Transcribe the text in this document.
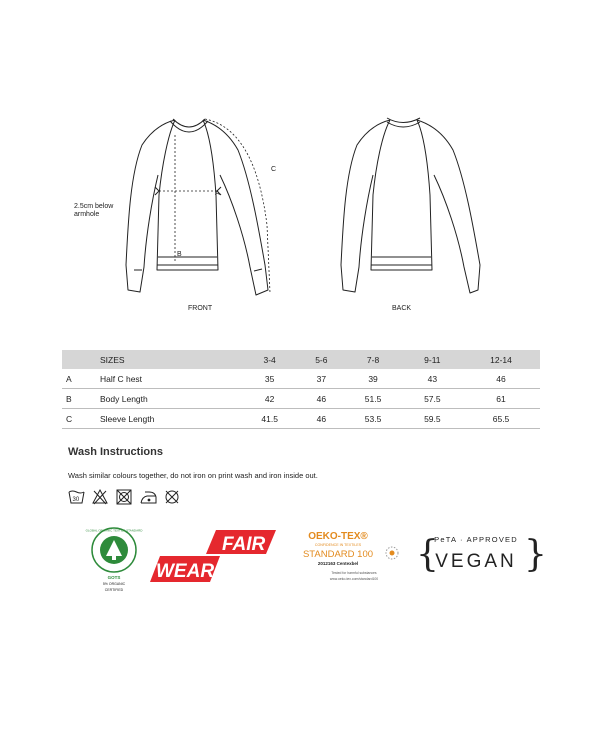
A
B
C
2.5cm below armhole
FRONT	BACK
	SIZES	3-4	5-6	7-8	9-11	12-14
A	Half C hest	35	37	39	43	46
B	Body Length	42	46	51.5	57.5	61
C	Sleeve Length	41.5	46	53.5	59.5	65.5
Wash Instructions
Wash similar colours together, do not iron on print wash and iron inside out.
30
GLOBAL ORGANIC TEXTILE STANDARD
GOTS
5% ORGANIC
CERTIFIED
FAIR
WEAR
OEKO-TEX®
CONFIDENCE IN TEXTILES
STANDARD 100
2012163 Centexbel
Tested for harmful substances
www.oeko-tex.com/standard100
{
PeTA · APPROVED
VEGAN }
